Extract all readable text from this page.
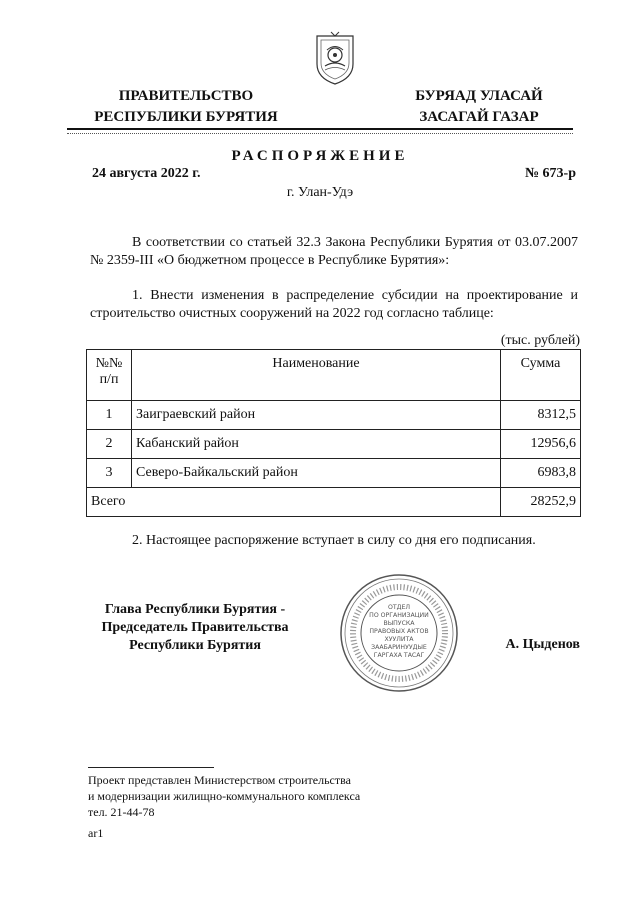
ПРАВИТЕЛЬСТВО
РЕСПУБЛИКИ БУРЯТИЯ
БУРЯАД УЛАСАЙ
ЗАСАГАЙ ГАЗАР
РАСПОРЯЖЕНИЕ
24 августа 2022 г.	№ 673-р
г. Улан-Удэ
В соответствии со статьей 32.3 Закона Республики Бурятия от 03.07.2007 № 2359-III «О бюджетном процессе в Республике Бурятия»:
1. Внести изменения в распределение субсидии на проектирование и строительство очистных сооружений на 2022 год согласно таблице:
(тыс. рублей)
№№
п/п	Наименование	Сумма
1	Заиграевский район	8312,5
2	Кабанский район	12956,6
3	Северо-Байкальский район	6983,8
Всего		28252,9
2. Настоящее распоряжение вступает в силу со дня его подписания.
Глава Республики Бурятия -
Председатель Правительства
Республики Бурятия
ОТДЕЛ
ПО ОРГАНИЗАЦИИ
ВЫПУСКА
ПРАВОВЫХ АКТОВ
ХУУЛИТА
ЗААБАРИНУУДЫЕ
ГАРГАХА ТАСАГ
А. Цыденов
Проект представлен Министерством строительства
и модернизации жилищно-коммунального комплекса
тел. 21-44-78
ar1
